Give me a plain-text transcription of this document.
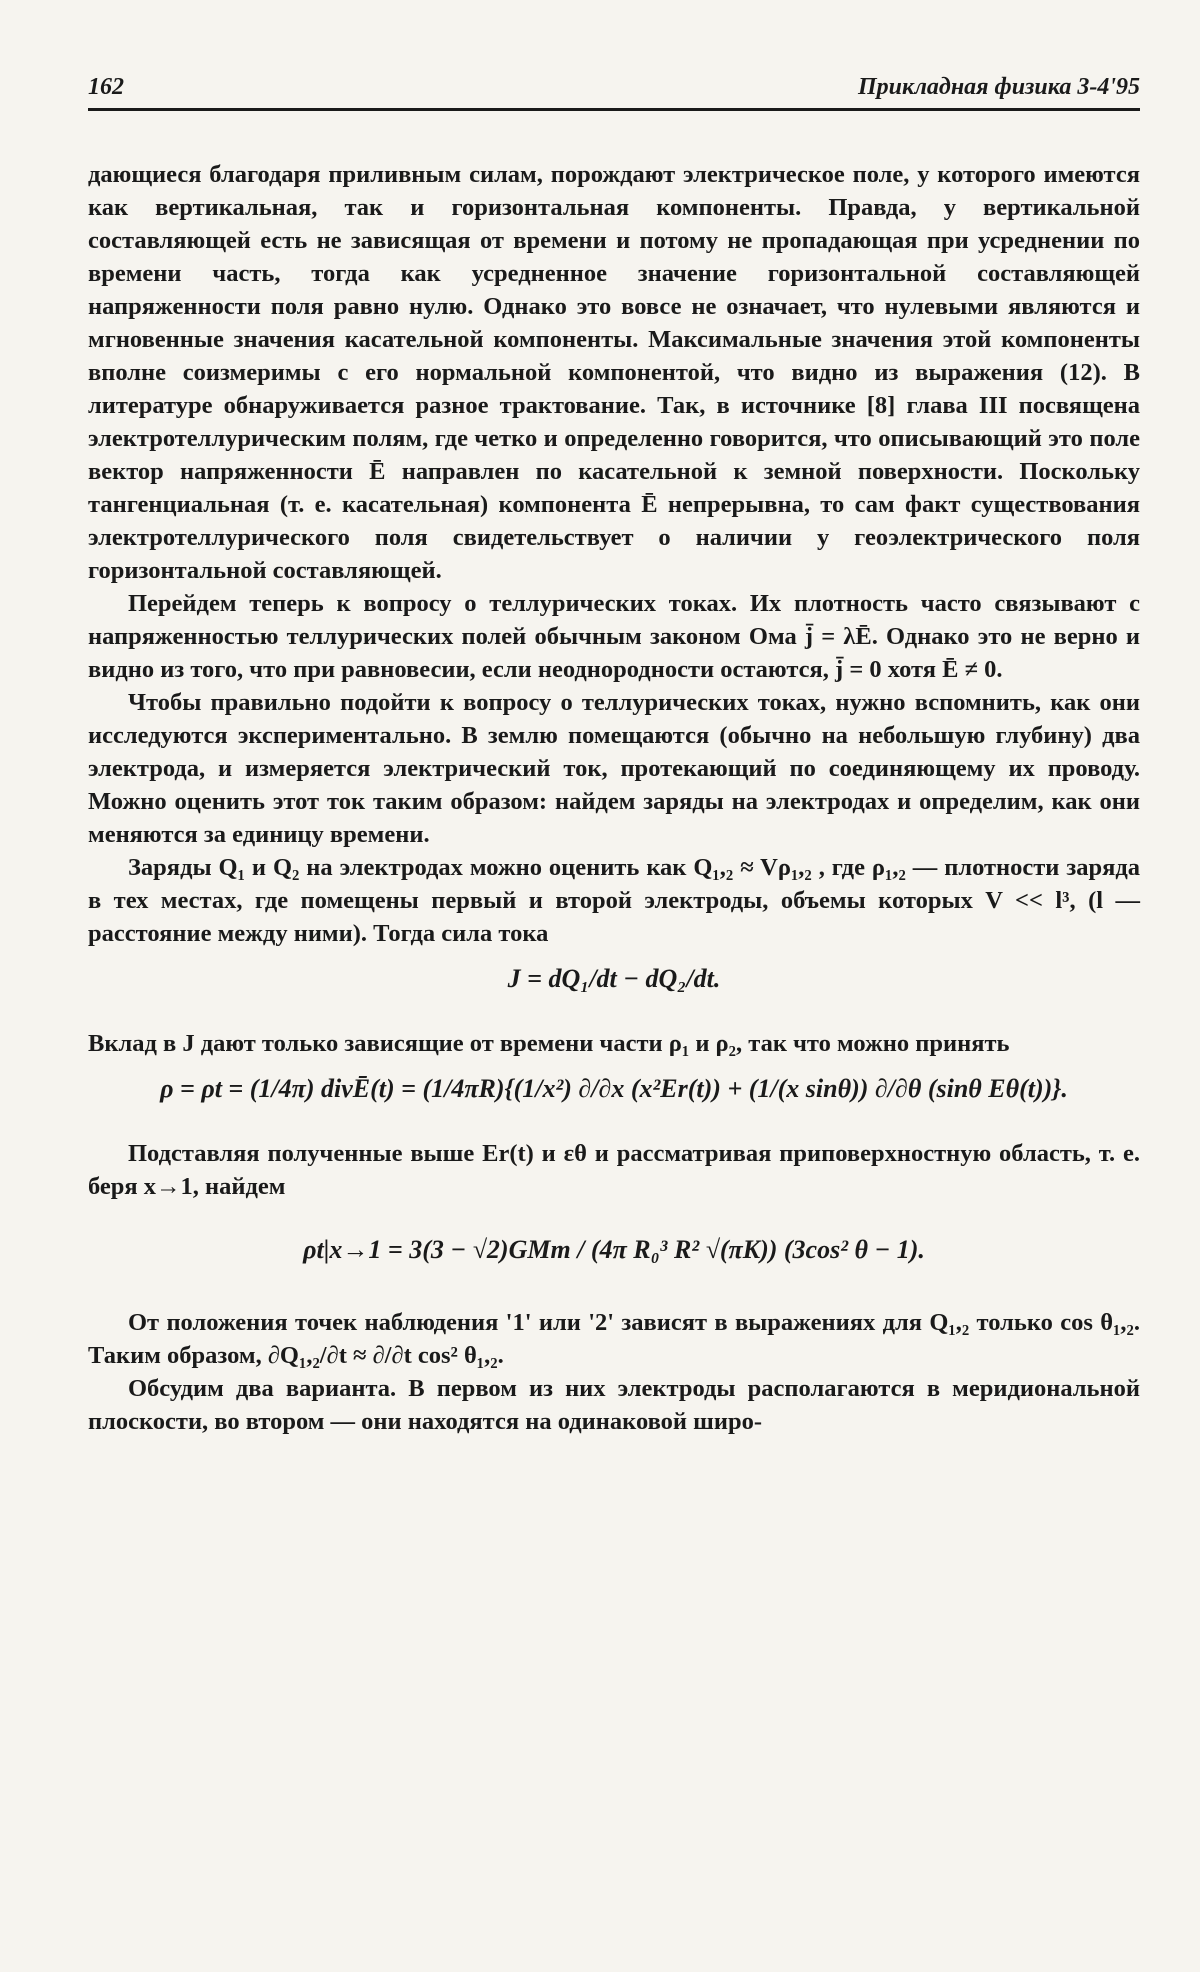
162	Прикладная физика 3-4'95

дающиеся благодаря приливным силам, порождают электрическое поле, у которого имеются как вертикальная, так и горизонтальная компоненты. Правда, у вертикальной составляющей есть не зависящая от времени и потому не пропадающая при усреднении по времени часть, тогда как усредненное значение горизонтальной составляющей напряженности поля равно нулю. Однако это вовсе не означает, что нулевыми являются и мгновенные значения касательной компоненты. Максимальные значения этой компоненты вполне соизмеримы с его нормальной компонентой, что видно из выражения (12). В литературе обнаруживается разное трактование. Так, в источнике [8] глава III посвящена электротеллурическим полям, где четко и определенно говорится, что описывающий это поле вектор напряженности Ē направлен по касательной к земной поверхности. Поскольку тангенциальная (т. е. касательная) компонента Ē непрерывна, то сам факт существования электротеллурического поля свидетельствует о наличии у геоэлектрического поля горизонтальной составляющей.

Перейдем теперь к вопросу о теллурических токах. Их плотность часто связывают с напряженностью теллурических полей обычным законом Ома j̄ = λĒ. Однако это не верно и видно из того, что при равновесии, если неоднородности остаются, j̄ = 0 хотя Ē ≠ 0.

Чтобы правильно подойти к вопросу о теллурических токах, нужно вспомнить, как они исследуются экспериментально. В землю помещаются (обычно на небольшую глубину) два электрода, и измеряется электрический ток, протекающий по соединяющему их проводу. Можно оценить этот ток таким образом: найдем заряды на электродах и определим, как они меняются за единицу времени.

Заряды Q₁ и Q₂ на электродах можно оценить как Q₁,₂ ≈ Vρ₁,₂ , где ρ₁,₂ — плотности заряда в тех местах, где помещены первый и второй электроды, объемы которых V << l³, (l — расстояние между ними). Тогда сила тока

J = dQ₁/dt − dQ₂/dt.

Вклад в J дают только зависящие от времени части ρ₁ и ρ₂, так что можно принять

ρ = ρt = (1/4π) divĒ(t) = (1/4πR){(1/x²) ∂/∂x (x²Er(t)) + (1/(x sinθ)) ∂/∂θ (sinθ Eθ(t))}.

Подставляя полученные выше Er(t) и εθ и рассматривая приповерхностную область, т. е. беря x→1, найдем

ρt|x→1 = 3(3 − √2)GMm / (4π R₀³ R² √(πK)) (3cos² θ − 1).

От положения точек наблюдения '1' или '2' зависят в выражениях для Q₁,₂ только cos θ₁,₂. Таким образом, ∂Q₁,₂/∂t ≈ ∂/∂t cos² θ₁,₂.

Обсудим два варианта. В первом из них электроды располагаются в меридиональной плоскости, во втором — они находятся на одинаковой широ-
